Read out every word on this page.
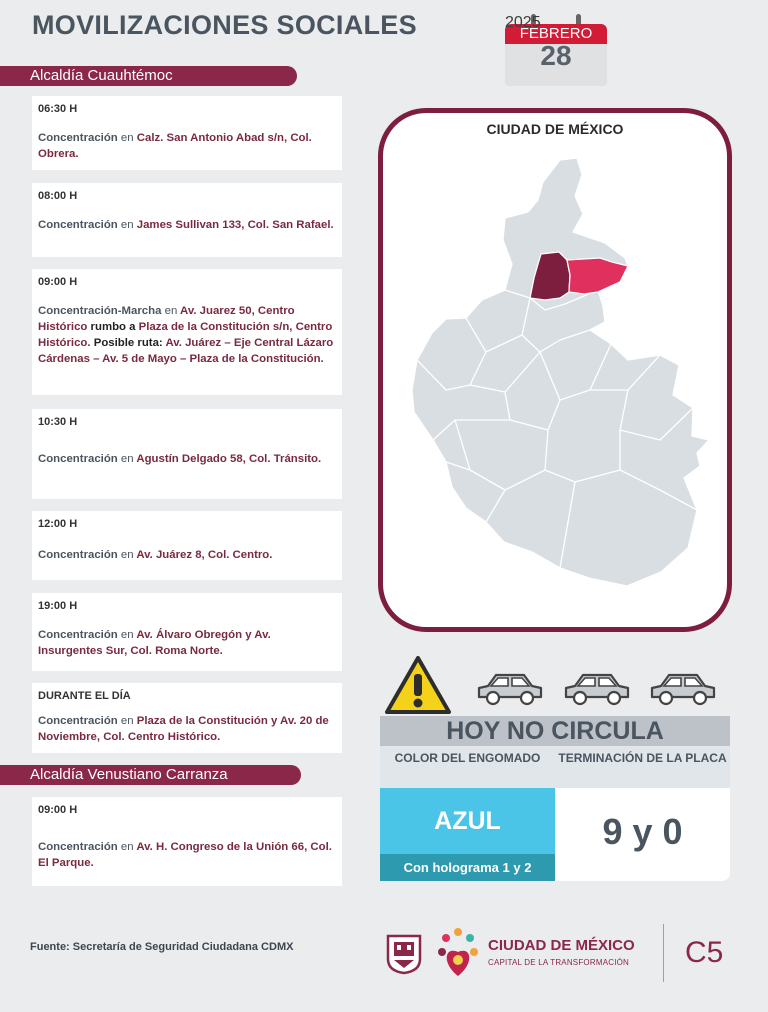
MOVILIZACIONES SOCIALES	FEBRERO
28
2025
Alcaldía Cuauhtémoc
06:30 H
Concentración en Calz. San Antonio Abad s/n, Col. Obrera.
08:00 H
Concentración en James Sullivan 133, Col. San Rafael.
09:00 H
Concentración-Marcha en Av. Juarez 50, Centro Histórico rumbo a Plaza de la Constitución s/n, Centro Histórico. Posible ruta: Av. Juárez – Eje Central Lázaro Cárdenas – Av. 5 de Mayo – Plaza de la Constitución.
10:30 H
Concentración en Agustín Delgado 58, Col. Tránsito.
12:00 H
Concentración en Av. Juárez 8, Col. Centro.
19:00 H
Concentración en Av. Álvaro Obregón y Av. Insurgentes Sur, Col. Roma Norte.
DURANTE EL DÍA
Concentración en Plaza de la Constitución y Av. 20 de Noviembre, Col. Centro Histórico.
Alcaldía Venustiano Carranza
09:00 H
Concentración en Av. H. Congreso de la Unión 66, Col. El Parque.
CIUDAD DE MÉXICO
HOY NO CIRCULA
COLOR DEL ENGOMADO	TERMINACIÓN DE LA PLACA
AZUL
Con holograma 1 y 2
9 y 0
Fuente: Secretaría de Seguridad Ciudadana CDMX	CIUDAD DE MÉXICO
CAPITAL DE LA TRANSFORMACIÓN C5
